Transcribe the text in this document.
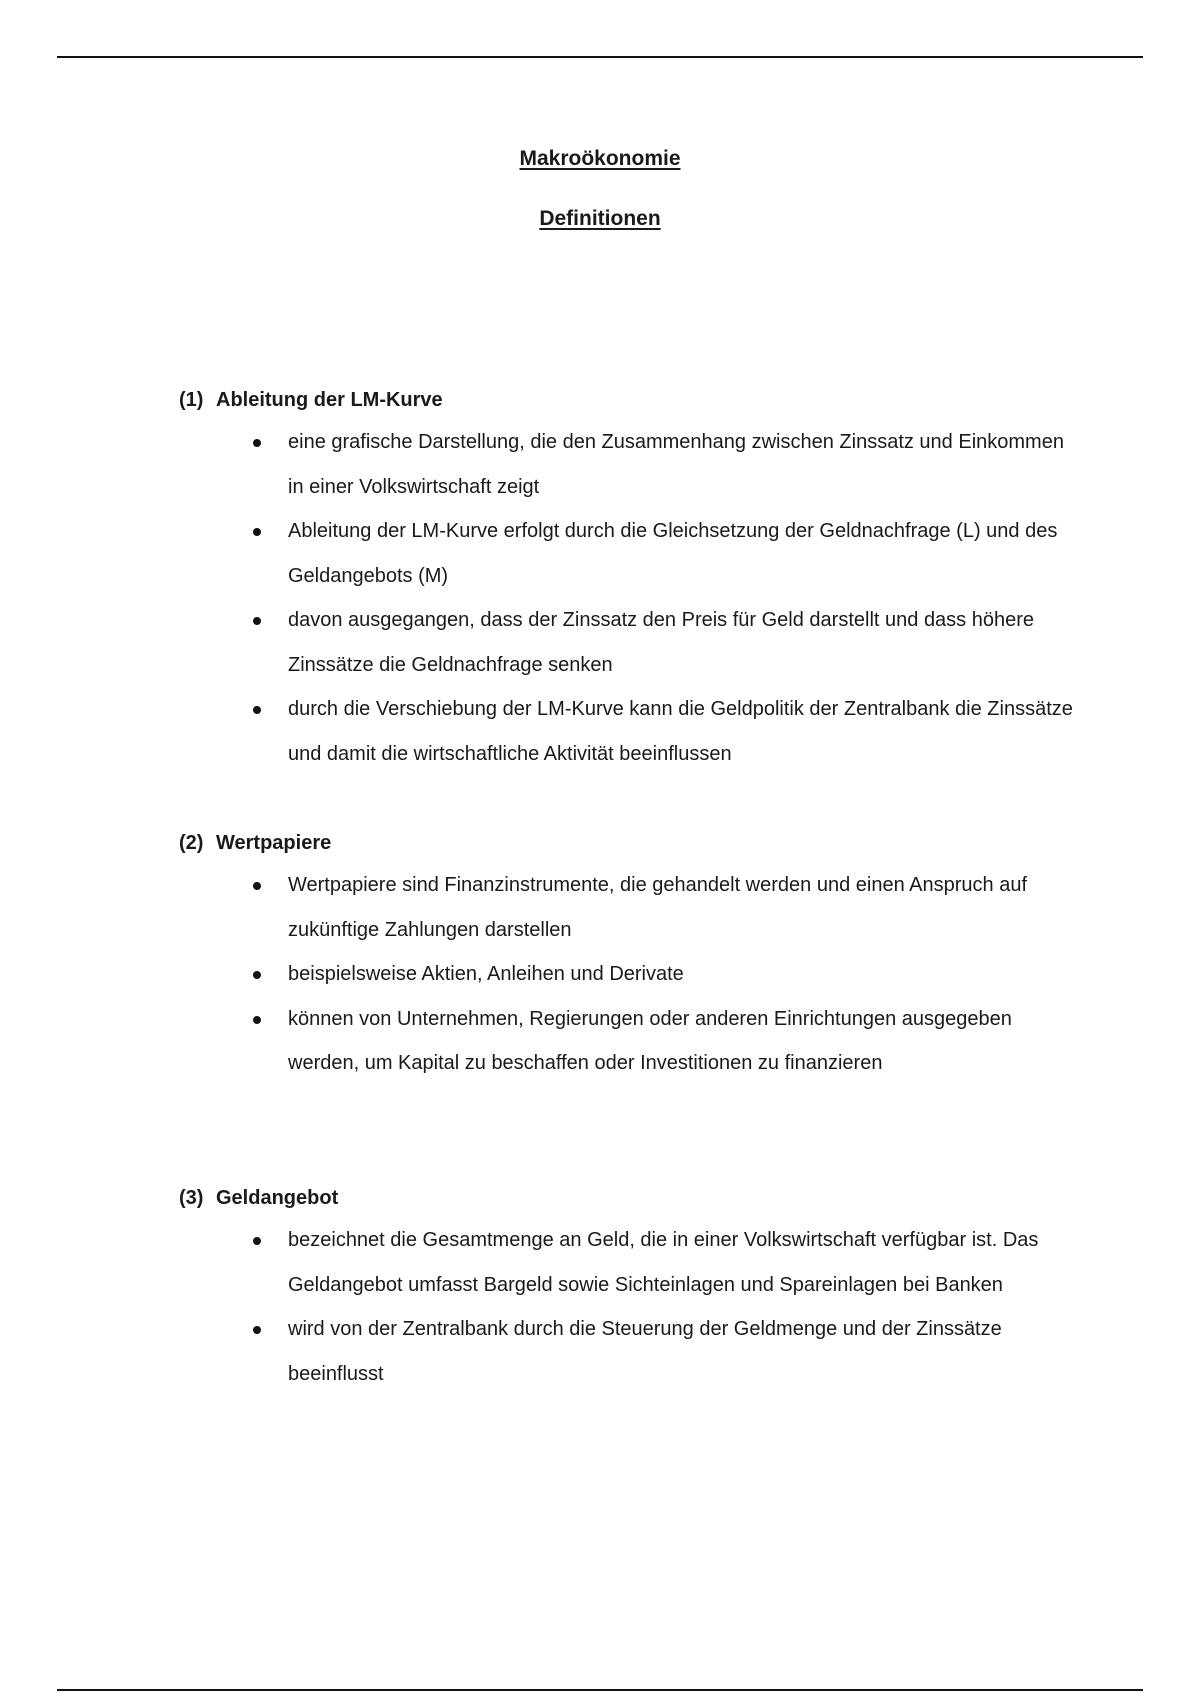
Makroökonomie
Definitionen
(1) Ableitung der LM-Kurve
eine grafische Darstellung, die den Zusammenhang zwischen Zinssatz und Einkommen in einer Volkswirtschaft zeigt
Ableitung der LM-Kurve erfolgt durch die Gleichsetzung der Geldnachfrage (L) und des Geldangebots (M)
davon ausgegangen, dass der Zinssatz den Preis für Geld darstellt und dass höhere Zinssätze die Geldnachfrage senken
durch die Verschiebung der LM-Kurve kann die Geldpolitik der Zentralbank die Zinssätze und damit die wirtschaftliche Aktivität beeinflussen
(2) Wertpapiere
Wertpapiere sind Finanzinstrumente, die gehandelt werden und einen Anspruch auf zukünftige Zahlungen darstellen
beispielsweise Aktien, Anleihen und Derivate
können von Unternehmen, Regierungen oder anderen Einrichtungen ausgegeben werden, um Kapital zu beschaffen oder Investitionen zu finanzieren
(3) Geldangebot
bezeichnet die Gesamtmenge an Geld, die in einer Volkswirtschaft verfügbar ist. Das Geldangebot umfasst Bargeld sowie Sichteinlagen und Spareinlagen bei Banken
wird von der Zentralbank durch die Steuerung der Geldmenge und der Zinssätze beeinflusst
